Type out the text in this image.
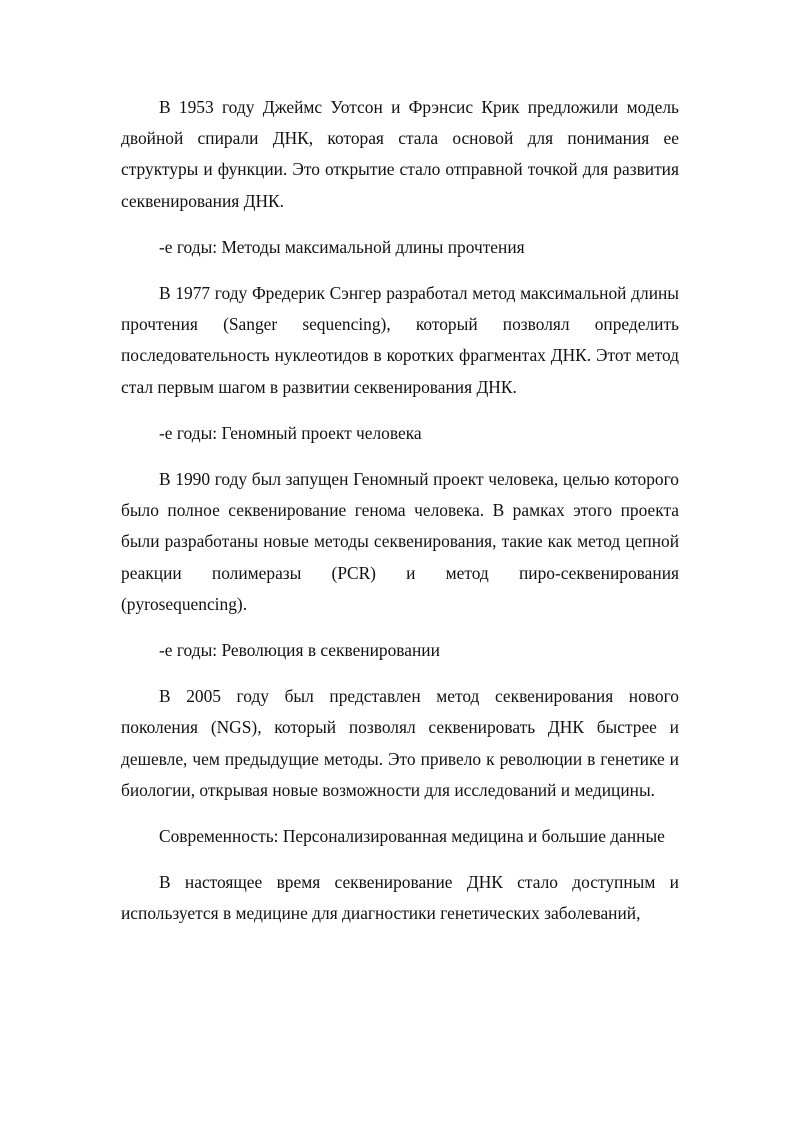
В 1953 году Джеймс Уотсон и Фрэнсис Крик предложили модель двойной спирали ДНК, которая стала основой для понимания ее структуры и функции. Это открытие стало отправной точкой для развития секвенирования ДНК.

-е годы: Методы максимальной длины прочтения

В 1977 году Фредерик Сэнгер разработал метод максимальной длины прочтения (Sanger sequencing), который позволял определить последовательность нуклеотидов в коротких фрагментах ДНК. Этот метод стал первым шагом в развитии секвенирования ДНК.

-е годы: Геномный проект человека

В 1990 году был запущен Геномный проект человека, целью которого было полное секвенирование генома человека. В рамках этого проекта были разработаны новые методы секвенирования, такие как метод цепной реакции полимеразы (PCR) и метод пиро-секвенирования (pyrosequencing).

-е годы: Революция в секвенировании

В 2005 году был представлен метод секвенирования нового поколения (NGS), который позволял секвенировать ДНК быстрее и дешевле, чем предыдущие методы. Это привело к революции в генетике и биологии, открывая новые возможности для исследований и медицины.

Современность: Персонализированная медицина и большие данные

В настоящее время секвенирование ДНК стало доступным и используется в медицине для диагностики генетических заболеваний,
